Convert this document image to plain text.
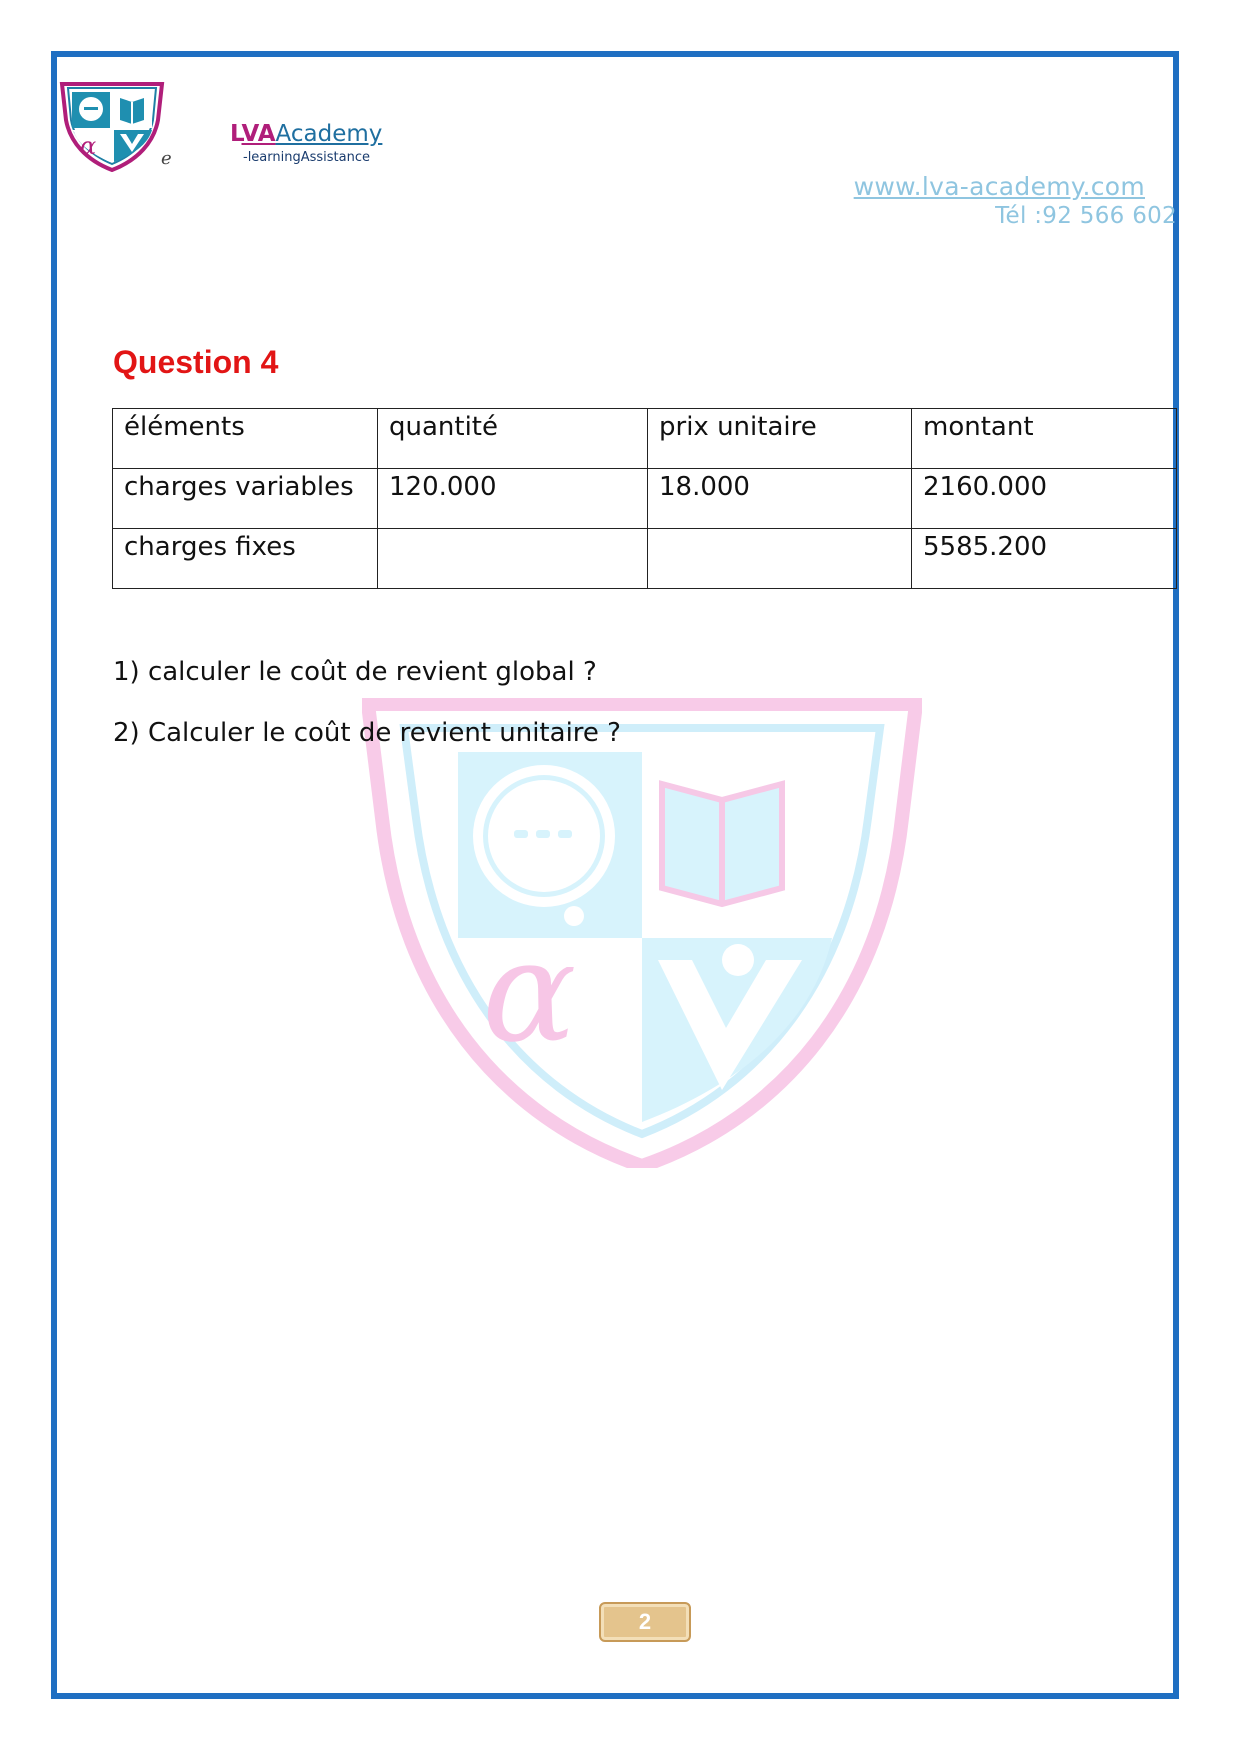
α	e
LVAAcademy
-learningAssistance
www.lva-academy.com
Tél :92 566 602
α
Question 4
éléments	quantité	prix unitaire	montant
charges variables	120.000	18.000	2160.000
charges fixes			5585.200

1) calculer le coût de revient global ?

2) Calculer le coût de revient unitaire ?

2
